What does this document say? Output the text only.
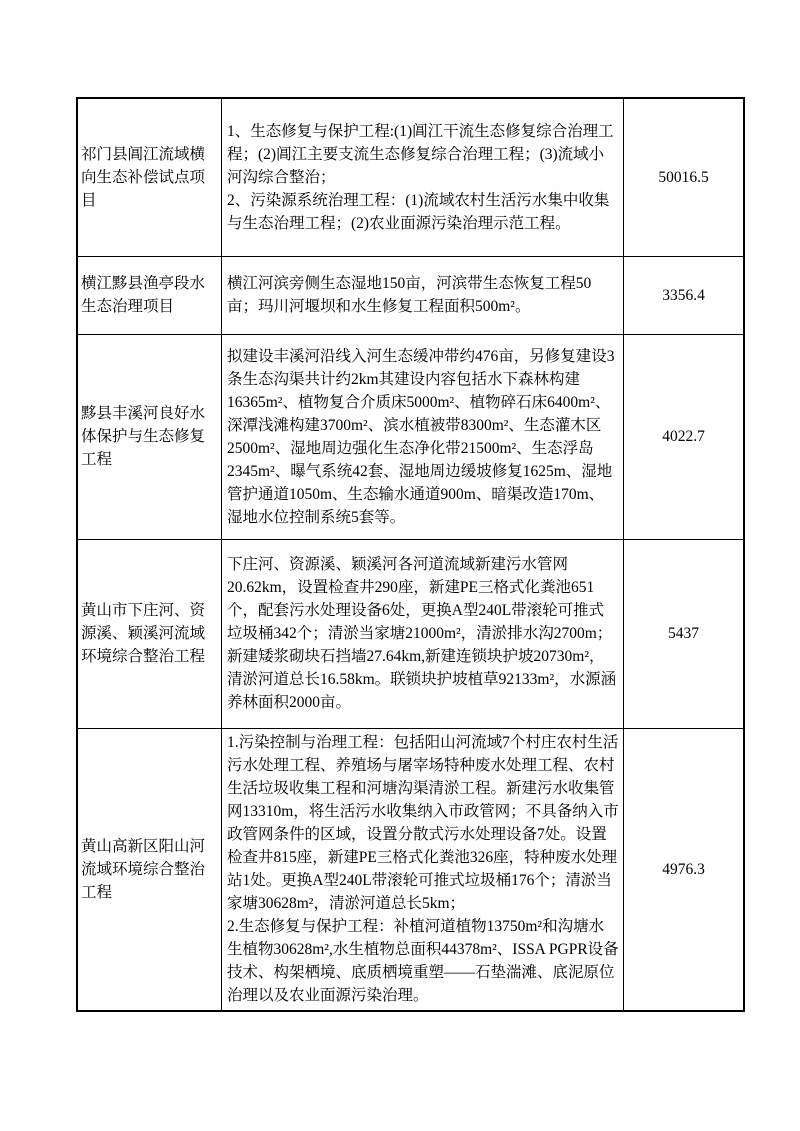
祁门县阊江流域横向生态补偿试点项目	1、生态修复与保护工程:(1)阊江干流生态修复综合治理工程；(2)阊江主要支流生态修复综合治理工程；(3)流域小河沟综合整治；

2、污染源系统治理工程：(1)流域农村生活污水集中收集与生态治理工程；(2)农业面源污染治理示范工程。	50016.5

横江黟县渔亭段水生态治理项目	横江河滨旁侧生态湿地150亩，河滨带生态恢复工程50亩；玛川河堰坝和水生修复工程面积500m²。	3356.4

黟县丰溪河良好水体保护与生态修复工程	拟建设丰溪河沿线入河生态缓冲带约476亩，另修复建设3条生态沟渠共计约2km其建设内容包括水下森林构建16365m²、植物复合介质床5000m²、植物碎石床6400m²、深潭浅滩构建3700m²、滨水植被带8300m²、生态灌木区2500m²、湿地周边强化生态净化带21500m²、生态浮岛2345m²、曝气系统42套、湿地周边缓坡修复1625m、湿地管护通道1050m、生态输水通道900m、暗渠改造170m、湿地水位控制系统5套等。	4022.7

黄山市下庄河、资源溪、颖溪河流域环境综合整治工程	下庄河、资源溪、颖溪河各河道流域新建污水管网20.62km，设置检查井290座，新建PE三格式化粪池651个，配套污水处理设备6处，更换A型240L带滚轮可推式垃圾桶342个；清淤当家塘21000m²，清淤排水沟2700m；新建矮浆砌块石挡墙27.64km,新建连锁块护坡20730m²，清淤河道总长16.58km。联锁块护坡植草92133m²，水源涵养林面积2000亩。	5437

黄山高新区阳山河流域环境综合整治工程	1.污染控制与治理工程：包括阳山河流域7个村庄农村生活污水处理工程、养殖场与屠宰场特种废水处理工程、农村生活垃圾收集工程和河塘沟渠清淤工程。新建污水收集管网13310m，将生活污水收集纳入市政管网；不具备纳入市政管网条件的区域，设置分散式污水处理设备7处。设置检查井815座，新建PE三格式化粪池326座，特种废水处理站1处。更换A型240L带滚轮可推式垃圾桶176个；清淤当家塘30628m²，清淤河道总长5km；

2.生态修复与保护工程：补植河道植物13750m²和沟塘水生植物30628m²,水生植物总面积44378m²、ISSA PGPR设备技术、构架栖境、底质栖境重塑——石垫湍滩、底泥原位治理以及农业面源污染治理。	4976.3
